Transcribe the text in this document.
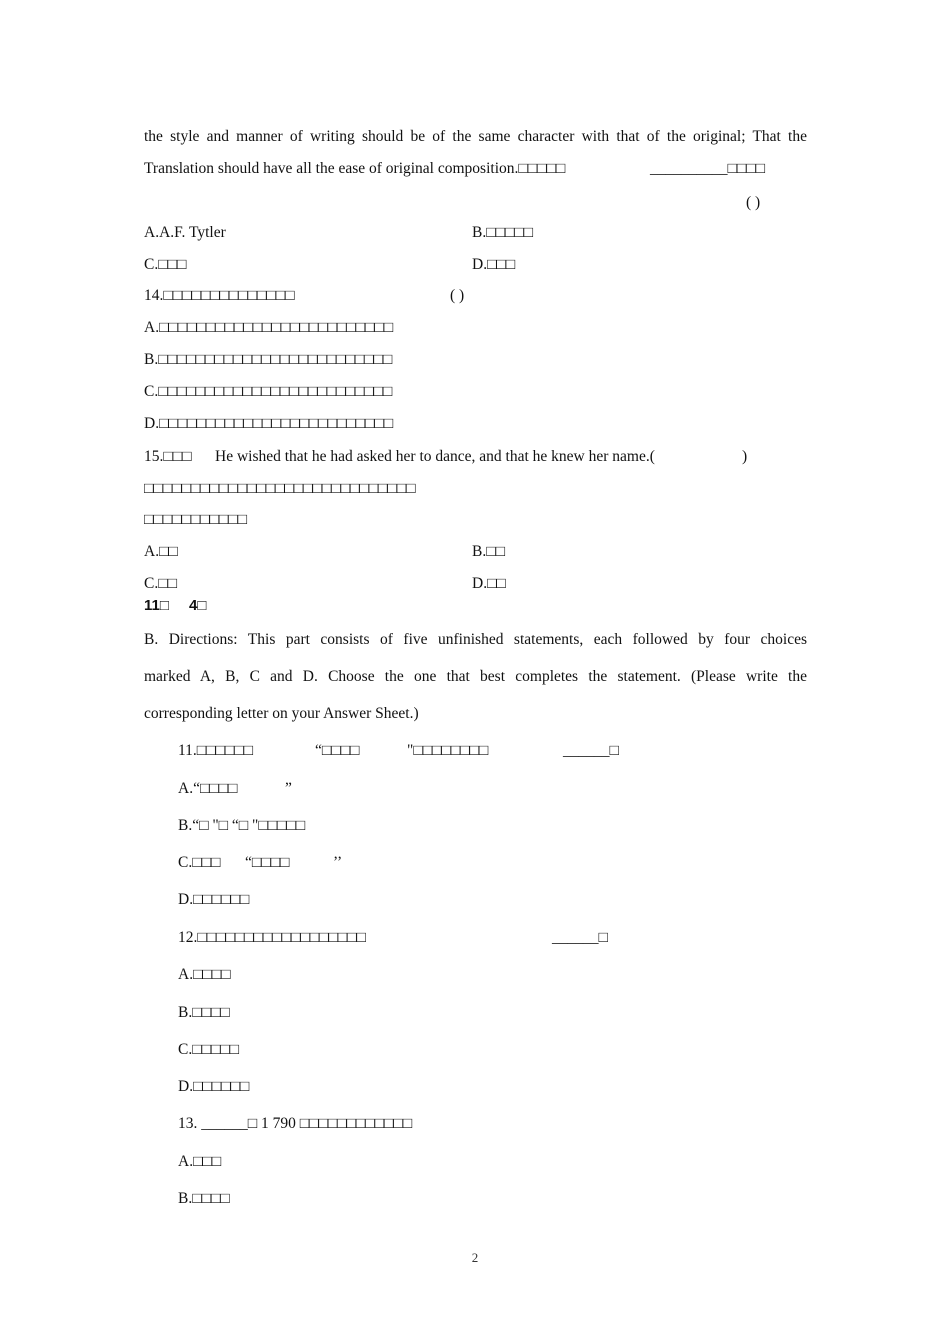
the style and manner of writing should be of the same character with that of the original; That the
Translation should have all the ease of original composition.□□□□□	__________□□□□
( )
A.A.F. Tytler	B.□□□□□
C.□□□	D.□□□
14.□□□□□□□□□□□□□□	( )
A.□□□□□□□□□□□□□□□□□□□□□□□□□
B.□□□□□□□□□□□□□□□□□□□□□□□□□
C.□□□□□□□□□□□□□□□□□□□□□□□□□
D.□□□□□□□□□□□□□□□□□□□□□□□□□
15.□□□ He wished that he had asked her to dance, and that he knew her name.(	)
□□□□□□□□□□□□□□□□□□□□□□□□□□□□□
□□□□□□□□□□□
A.□□	B.□□
C.□□	D.□□
11□ 4□
B. Directions: This part consists of five unfinished statements, each followed by four choices
marked A, B, C and D. Choose the one that best completes the statement. (Please write the
corresponding letter on your Answer Sheet.)
11.□□□□□□	“□□□□	"□□□□□□□□	______□
A.“□□□□	”
B.“□ "□ “□ "□□□□□
C.□□□ “□□□□	’’
D.□□□□□□
12.□□□□□□□□□□□□□□□□□□	______□
A.□□□□
B.□□□□
C.□□□□□
D.□□□□□□
13. ______□ 1 790 □□□□□□□□□□□□
A.□□□
B.□□□□
2
